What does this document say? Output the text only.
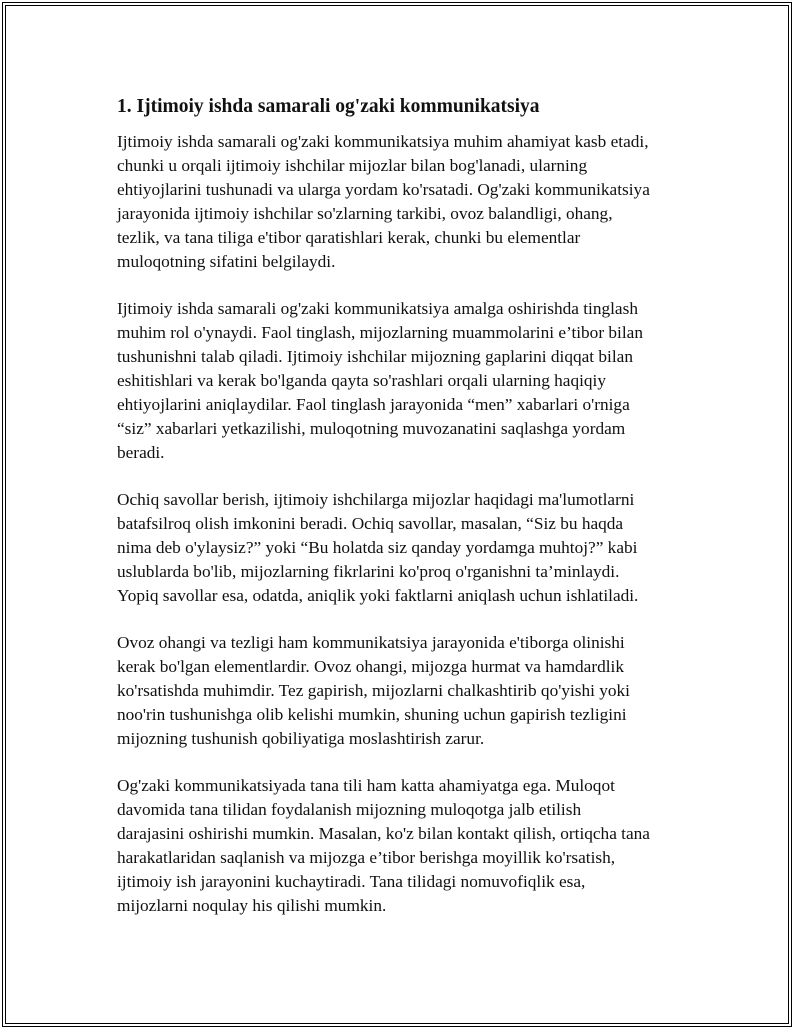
1. Ijtimoiy ishda samarali og'zaki kommunikatsiya

Ijtimoiy ishda samarali og'zaki kommunikatsiya muhim ahamiyat kasb etadi,
chunki u orqali ijtimoiy ishchilar mijozlar bilan bog'lanadi, ularning
ehtiyojlarini tushunadi va ularga yordam ko'rsatadi. Og'zaki kommunikatsiya
jarayonida ijtimoiy ishchilar so'zlarning tarkibi, ovoz balandligi, ohang,
tezlik, va tana tiliga e'tibor qaratishlari kerak, chunki bu elementlar
muloqotning sifatini belgilaydi.

Ijtimoiy ishda samarali og'zaki kommunikatsiya amalga oshirishda tinglash
muhim rol o'ynaydi. Faol tinglash, mijozlarning muammolarini e’tibor bilan
tushunishni talab qiladi. Ijtimoiy ishchilar mijozning gaplarini diqqat bilan
eshitishlari va kerak bo'lganda qayta so'rashlari orqali ularning haqiqiy
ehtiyojlarini aniqlaydilar. Faol tinglash jarayonida “men” xabarlari o'rniga
“siz” xabarlari yetkazilishi, muloqotning muvozanatini saqlashga yordam
beradi.

Ochiq savollar berish, ijtimoiy ishchilarga mijozlar haqidagi ma'lumotlarni
batafsilroq olish imkonini beradi. Ochiq savollar, masalan, “Siz bu haqda
nima deb o'ylaysiz?” yoki “Bu holatda siz qanday yordamga muhtoj?” kabi
uslublarda bo'lib, mijozlarning fikrlarini ko'proq o'rganishni ta’minlaydi.
Yopiq savollar esa, odatda, aniqlik yoki faktlarni aniqlash uchun ishlatiladi.

Ovoz ohangi va tezligi ham kommunikatsiya jarayonida e'tiborga olinishi
kerak bo'lgan elementlardir. Ovoz ohangi, mijozga hurmat va hamdardlik
ko'rsatishda muhimdir. Tez gapirish, mijozlarni chalkashtirib qo'yishi yoki
noo'rin tushunishga olib kelishi mumkin, shuning uchun gapirish tezligini
mijozning tushunish qobiliyatiga moslashtirish zarur.

Og'zaki kommunikatsiyada tana tili ham katta ahamiyatga ega. Muloqot
davomida tana tilidan foydalanish mijozning muloqotga jalb etilish
darajasini oshirishi mumkin. Masalan, ko'z bilan kontakt qilish, ortiqcha tana
harakatlaridan saqlanish va mijozga e’tibor berishga moyillik ko'rsatish,
ijtimoiy ish jarayonini kuchaytiradi. Tana tilidagi nomuvofiqlik esa,
mijozlarni noqulay his qilishi mumkin.
